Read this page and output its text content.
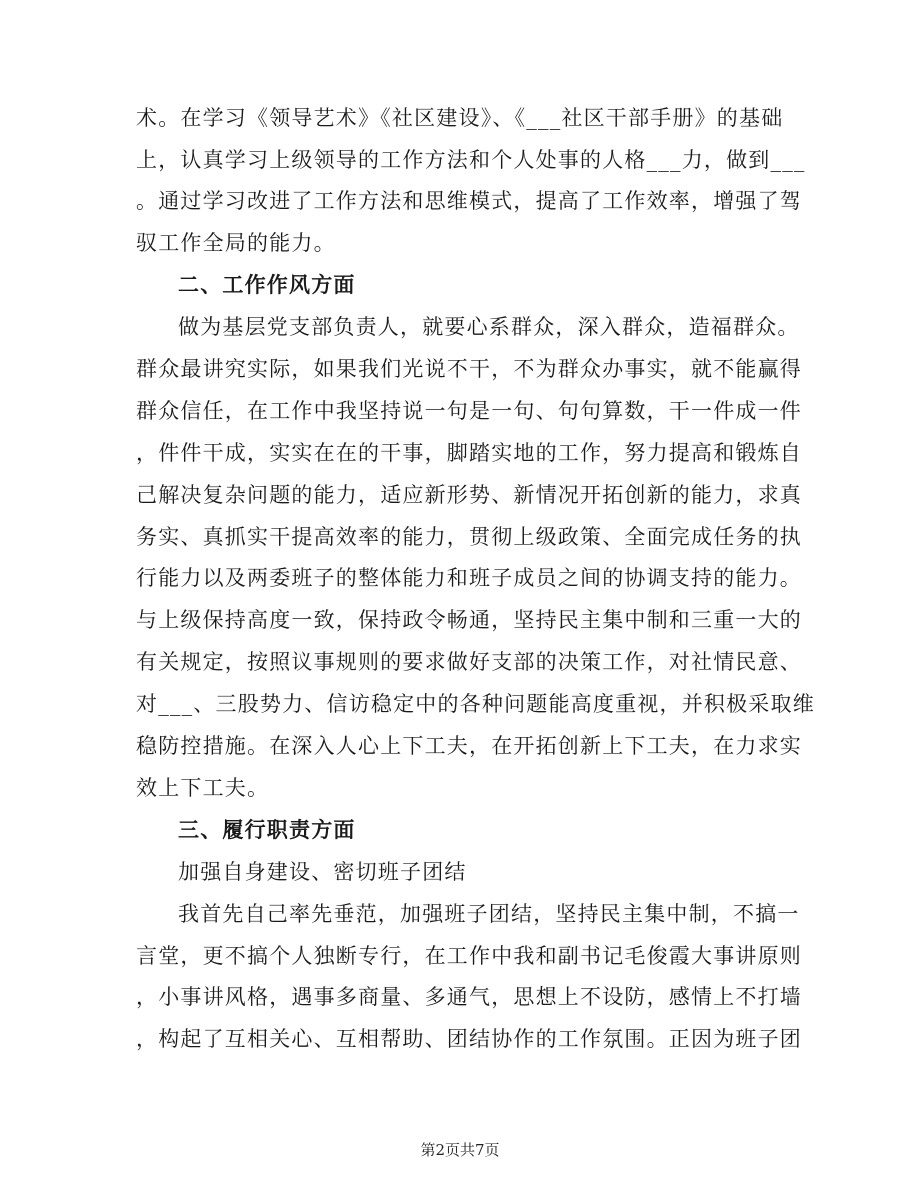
术。在学习《领导艺术》《社区建设》、《___社区干部手册》的基础
上，认真学习上级领导的工作方法和个人处事的人格___力，做到___
。通过学习改进了工作方法和思维模式，提高了工作效率，增强了驾
驭工作全局的能力。
二、工作作风方面
做为基层党支部负责人，就要心系群众，深入群众，造福群众。
群众最讲究实际，如果我们光说不干，不为群众办事实，就不能赢得
群众信任，在工作中我坚持说一句是一句、句句算数，干一件成一件
，件件干成，实实在在的干事，脚踏实地的工作，努力提高和锻炼自
己解决复杂问题的能力，适应新形势、新情况开拓创新的能力，求真
务实、真抓实干提高效率的能力，贯彻上级政策、全面完成任务的执
行能力以及两委班子的整体能力和班子成员之间的协调支持的能力。
与上级保持高度一致，保持政令畅通，坚持民主集中制和三重一大的
有关规定，按照议事规则的要求做好支部的决策工作，对社情民意、
对___、三股势力、信访稳定中的各种问题能高度重视，并积极采取维
稳防控措施。在深入人心上下工夫，在开拓创新上下工夫，在力求实
效上下工夫。
三、履行职责方面
加强自身建设、密切班子团结
我首先自己率先垂范，加强班子团结，坚持民主集中制，不搞一
言堂，更不搞个人独断专行，在工作中我和副书记毛俊霞大事讲原则
，小事讲风格，遇事多商量、多通气，思想上不设防，感情上不打墙
，构起了互相关心、互相帮助、团结协作的工作氛围。正因为班子团
第2页共7页
